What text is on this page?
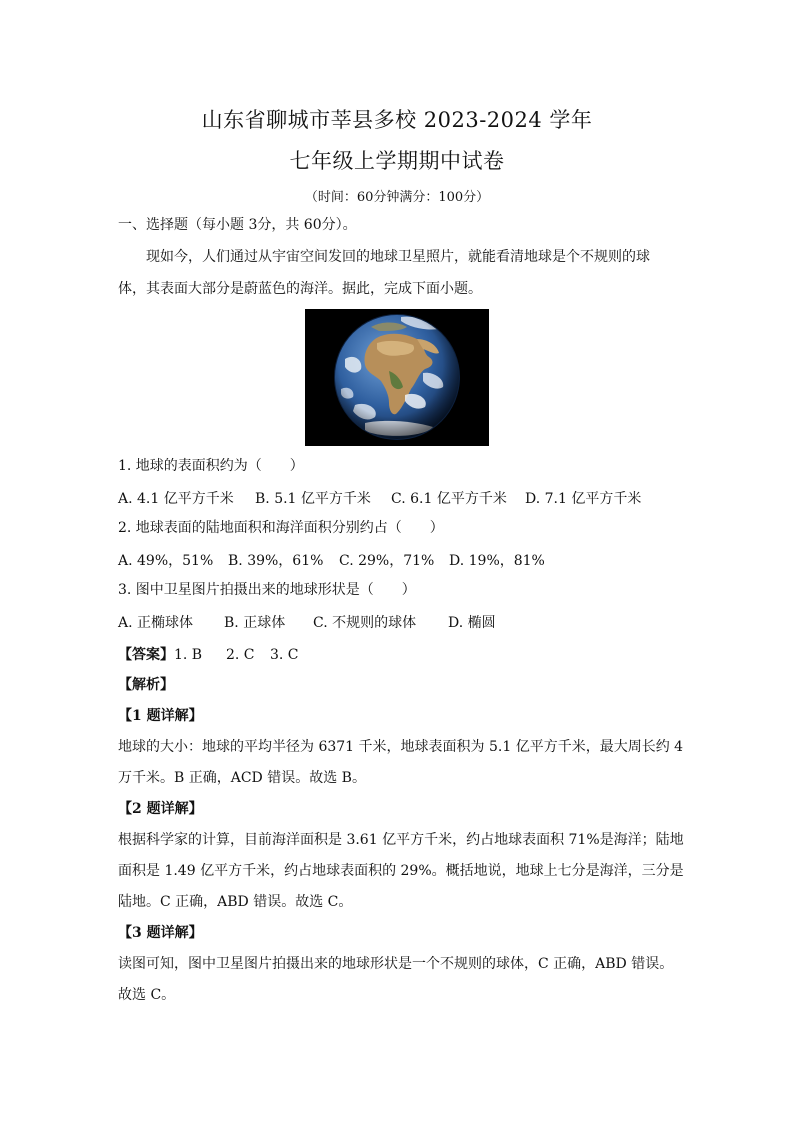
山东省聊城市莘县多校 2023-2024 学年
七年级上学期期中试卷
（时间：60分钟满分：100分）
一、选择题（每小题 3分，共 60分）。
现如今，人们通过从宇宙空间发回的地球卫星照片，就能看清地球是个不规则的球
体，其表面大部分是蔚蓝色的海洋。据此，完成下面小题。
1. 地球的表面积约为（　　）
A. 4.1 亿平方千米 B. 5.1 亿平方千米 C. 6.1 亿平方千米 D. 7.1 亿平方千米
2. 地球表面的陆地面积和海洋面积分别约占（　　）
A. 49%，51% B. 39%，61% C. 29%，71% D. 19%，81%
3. 图中卫星图片拍摄出来的地球形状是（　　）
A. 正椭球体 B. 正球体 C. 不规则的球体 D. 椭圆
【答案】1. B 2. C 3. C
【解析】
【1 题详解】
地球的大小：地球的平均半径为 6371 千米，地球表面积为 5.1 亿平方千米，最大周长约 4
万千米。B 正确，ACD 错误。故选 B。
【2 题详解】
根据科学家的计算，目前海洋面积是 3.61 亿平方千米，约占地球表面积 71%是海洋；陆地
面积是 1.49 亿平方千米，约占地球表面积的 29%。概括地说，地球上七分是海洋，三分是
陆地。C 正确，ABD 错误。故选 C。
【3 题详解】
读图可知，图中卫星图片拍摄出来的地球形状是一个不规则的球体，C 正确，ABD 错误。
故选 C。
